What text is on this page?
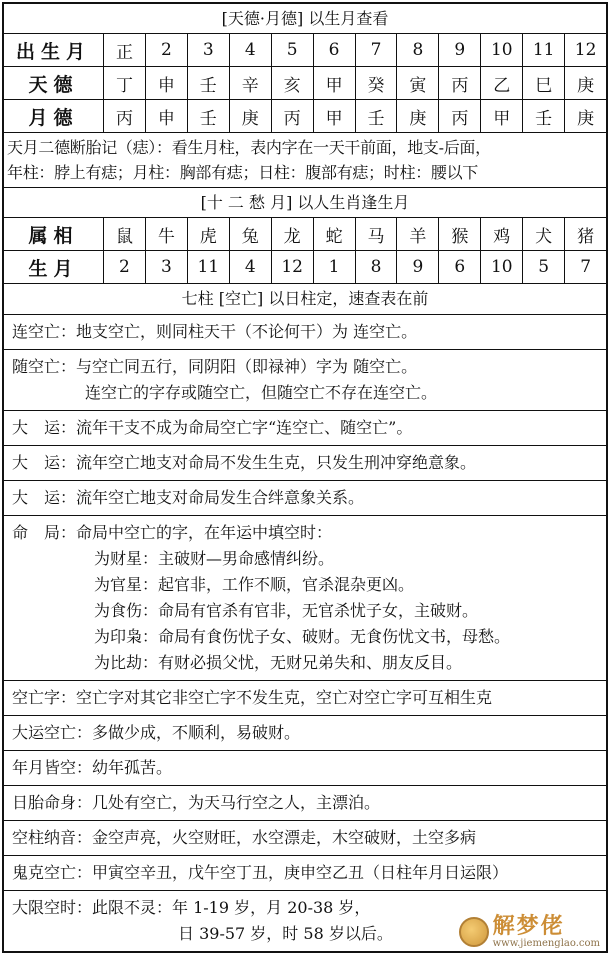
[天德·月德] 以生月查看
出生月	正	2	3	4	5	6	7	8	9	10	11	12
天德	丁	申	壬	辛	亥	甲	癸	寅	丙	乙	巳	庚
月德	丙	申	壬	庚	丙	甲	壬	庚	丙	甲	壬	庚
天月二德断胎记（痣）：看生月柱，表内字在一天干前面，地支-后面，
年柱：脖上有痣；月柱：胸部有痣；日柱：腹部有痣；时柱：腰以下
[十 二 愁 月] 以人生肖逢生月
属相	鼠	牛	虎	兔	龙	蛇	马	羊	猴	鸡	犬	猪
生月	2	3	11	4	12	1	8	9	6	10	5	7
七柱 [空亡] 以日柱定，速查表在前
连空亡：地支空亡，则同柱天干（不论何干）为 连空亡。
随空亡：与空亡同五行，同阴阳（即禄神）字为 随空亡。
连空亡的字存或随空亡，但随空亡不存在连空亡。
大　运：流年干支不成为命局空亡字“连空亡、随空亡”。
大　运：流年空亡地支对命局不发生生克，只发生刑冲穿绝意象。
大　运：流年空亡地支对命局发生合绊意象关系。
命　局：命局中空亡的字，在年运中填空时：
为财星：主破财—男命感情纠纷。
为官星：起官非，工作不顺，官杀混杂更凶。
为食伤：命局有官杀有官非，无官杀忧子女，主破财。
为印枭：命局有食伤忧子女、破财。无食伤忧文书，母愁。
为比劫：有财必损父忧，无财兄弟失和、朋友反目。
空亡字：空亡字对其它非空亡字不发生克，空亡对空亡字可互相生克
大运空亡：多做少成，不顺利，易破财。
年月皆空：幼年孤苦。
日胎命身：几处有空亡，为天马行空之人，主漂泊。
空柱纳音：金空声亮，火空财旺，水空漂走，木空破财，土空多病
鬼克空亡：甲寅空辛丑，戊午空丁丑，庚申空乙丑（日柱年月日运限）
大限空时：此限不灵：年 1-19 岁，月 20-38 岁，
日 39-57 岁，时 58 岁以后。	解梦佬
www.jiemenglao.com
